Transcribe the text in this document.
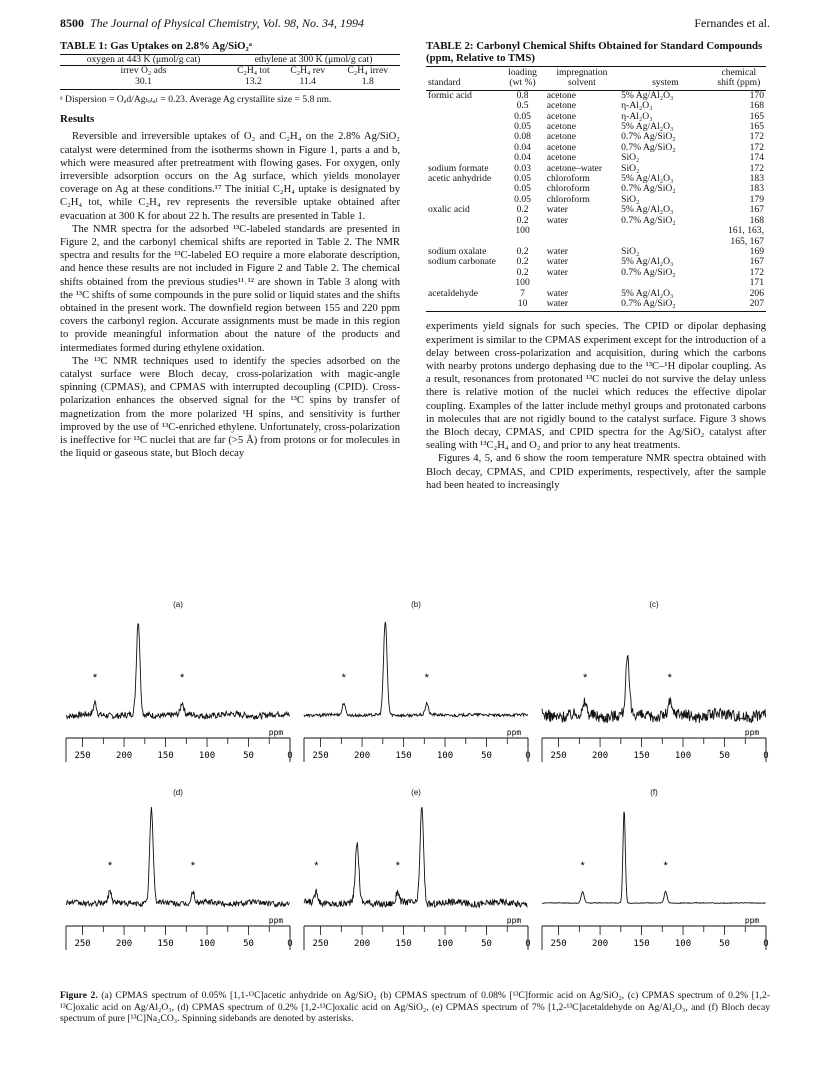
8500 The Journal of Physical Chemistry, Vol. 98, No. 34, 1994	Fernandes et al.
TABLE 1: Gas Uptakes on 2.8% Ag/SiO₂ᵃ
oxygen at 443 K (μmol/g cat)	ethylene at 300 K (μmol/g cat)		
irrev O₂ ads	C₂H₄ tot	C₂H₄ rev	C₂H₄ irrev
30.1	13.2	11.4	1.8
ᵃ Dispersion = Oₐd/Agₜₒₜₐₗ = 0.23. Average Ag crystallite size = 5.8 nm.
Results

Reversible and irreversible uptakes of O₂ and C₂H₄ on the 2.8% Ag/SiO₂ catalyst were determined from the isotherms shown in Figure 1, parts a and b, which were measured after pretreatment with flowing gases. For oxygen, only irreversible adsorption occurs on the Ag surface, which yields monolayer coverage on Ag at these conditions.¹⁷ The initial C₂H₄ uptake is designated by C₂H₄ tot, while C₂H₄ rev represents the reversible uptake obtained after evacuation at 300 K for about 22 h. The results are presented in Table 1.

The NMR spectra for the adsorbed ¹³C-labeled standards are presented in Figure 2, and the carbonyl chemical shifts are reported in Table 2. The NMR spectra and results for the ¹³C-labeled EO require a more elaborate description, and hence these results are not included in Figure 2 and Table 2. The chemical shifts obtained from the previous studies¹¹˒¹² are shown in Table 3 along with the ¹³C shifts of some compounds in the pure solid or liquid states and the shifts obtained in the present work. The downfield region between 155 and 220 ppm covers the carbonyl region. Accurate assignments must be made in this region to provide meaningful information about the nature of the products and intermediates formed during ethylene oxidation.

The ¹³C NMR techniques used to identify the species adsorbed on the catalyst surface were Bloch decay, cross-polarization with magic-angle spinning (CPMAS), and CPMAS with interrupted decoupling (CPID). Cross-polarization enhances the observed signal for the ¹³C spins by transfer of magnetization from the more polarized ¹H spins, and sensitivity is further improved by the use of ¹³C-enriched ethylene. Unfortunately, cross-polarization is ineffective for ¹³C nuclei that are far (>5 Å) from protons or for molecules in the liquid or gaseous state, but Bloch decay

TABLE 2: Carbonyl Chemical Shifts Obtained for Standard Compounds (ppm, Relative to TMS)
standard	loading (wt %)	impregnation solvent	system	chemical shift (ppm)
formic acid	0.8	acetone	5% Ag/Al₂O₃	170
	0.5	acetone	η-Al₂O₃	168
	0.05	acetone	η-Al₂O₃	165
	0.05	acetone	5% Ag/Al₂O₃	165
	0.08	acetone	0.7% Ag/SiO₂	172
	0.04	acetone	0.7% Ag/SiO₂	172
	0.04	acetone	SiO₂	174
sodium formate	0.03	acetone–water	SiO₂	172
acetic anhydride	0.05	chloroform	5% Ag/Al₂O₃	183
	0.05	chloroform	0.7% Ag/SiO₂	183
	0.05	chloroform	SiO₂	179
oxalic acid	0.2	water	5% Ag/Al₂O₃	167
	0.2	water	0.7% Ag/SiO₂	168
	100			161, 163, 165, 167
sodium oxalate	0.2	water	SiO₂	169
sodium carbonate	0.2	water	5% Ag/Al₂O₃	167
	0.2	water	0.7% Ag/SiO₂	172
	100			171
acetaldehyde	7	water	5% Ag/Al₂O₃	206
	10	water	0.7% Ag/SiO₂	207

experiments yield signals for such species. The CPID or dipolar dephasing experiment is similar to the CPMAS experiment except for the introduction of a delay between cross-polarization and acquisition, during which the carbons with nearby protons undergo dephasing due to the ¹³C–¹H dipolar coupling. As a result, resonances from protonated ¹³C nuclei do not survive the delay unless there is relative motion of the nuclei which reduces the effective dipolar coupling. Examples of the latter include methyl groups and protonated carbons in molecules that are not rigidly bound to the catalyst surface. Figure 3 shows the Bloch decay, CPMAS, and CPID spectra for the Ag/SiO₂ catalyst after sealing with ¹³C₂H₄ and O₂ and prior to any heat treatments.

Figures 4, 5, and 6 show the room temperature NMR spectra obtained with Bloch decay, CPMAS, and CPID experiments, respectively, after the sample had been heated to increasingly

(a)
*	*
250	200	150	100	50	0
ppm
(b)
*	*
250	200	150	100	50	0
ppm
(c)
*	*
250	200	150	100	50	0
ppm
(d)
*	*
250	200	150	100	50	0
ppm
(e)
*	*
250	200	150	100	50	0
ppm
(f)
*	*
250	200	150	100	50	0
ppm
Figure 2. (a) CPMAS spectrum of 0.05% [1,1-¹³C]acetic anhydride on Ag/SiO₂ (b) CPMAS spectrum of 0.08% [¹³C]formic acid on Ag/SiO₂, (c) CPMAS spectrum of 0.2% [1,2-¹³C]oxalic acid on Ag/Al₂O₃, (d) CPMAS spectrum of 0.2% [1,2-¹³C]oxalic acid on Ag/SiO₂, (e) CPMAS spectrum of 7% [1,2-¹³C]acetaldehyde on Ag/Al₂O₃, and (f) Bloch decay spectrum of pure [¹³C]Na₂CO₃. Spinning sidebands are denoted by asterisks.
